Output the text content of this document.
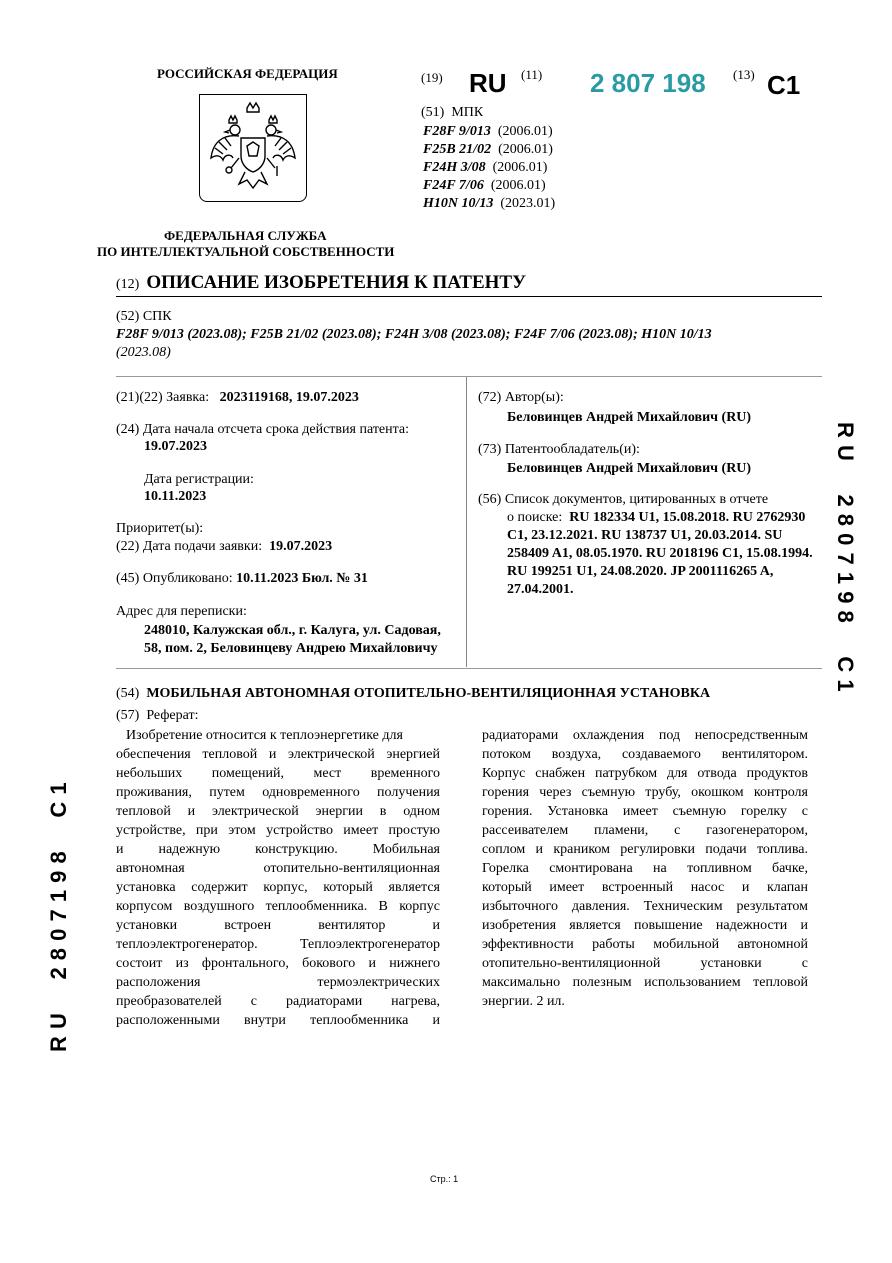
РОССИЙСКАЯ ФЕДЕРАЦИЯ
ФЕДЕРАЛЬНАЯ СЛУЖБА
ПО ИНТЕЛЛЕКТУАЛЬНОЙ СОБСТВЕННОСТИ
(19) RU (11) 2 807 198 (13) C1
(51) МПК
F28F 9/013 (2006.01)
F25B 21/02 (2006.01)
F24H 3/08 (2006.01)
F24F 7/06 (2006.01)
H10N 10/13 (2023.01)
(12) ОПИСАНИЕ ИЗОБРЕТЕНИЯ К ПАТЕНТУ
(52) СПК
F28F 9/013 (2023.08); F25B 21/02 (2023.08); F24H 3/08 (2023.08); F24F 7/06 (2023.08); H10N 10/13
(2023.08)
(21)(22) Заявка: 2023119168, 19.07.2023
(24) Дата начала отсчета срока действия патента:
19.07.2023
Дата регистрации:
10.11.2023
Приоритет(ы):
(22) Дата подачи заявки: 19.07.2023
(45) Опубликовано: 10.11.2023 Бюл. № 31
Адрес для переписки:
248010, Калужская обл., г. Калуга, ул. Садовая,
58, пом. 2, Беловинцеву Андрею Михайловичу
(72) Автор(ы):
Беловинцев Андрей Михайлович (RU)
(73) Патентообладатель(и):
Беловинцев Андрей Михайлович (RU)
(56) Список документов, цитированных в отчете
о поиске: RU 182334 U1, 15.08.2018. RU 2762930
C1, 23.12.2021. RU 138737 U1, 20.03.2014. SU
258409 A1, 08.05.1970. RU 2018196 C1, 15.08.1994.
RU 199251 U1, 24.08.2020. JP 2001116265 A,
27.04.2001.
(54) МОБИЛЬНАЯ АВТОНОМНАЯ ОТОПИТЕЛЬНО-ВЕНТИЛЯЦИОННАЯ УСТАНОВКА
(57) Реферат:
Изобретение относится к теплоэнергетике для
обеспечения тепловой и электрической энергией
небольших помещений, мест временного
проживания, путем одновременного получения
тепловой и электрической энергии в одном
устройстве, при этом устройство имеет простую
и надежную конструкцию. Мобильная
автономная отопительно-вентиляционная
установка содержит корпус, который является
корпусом воздушного теплообменника. В корпус
установки встроен вентилятор и
теплоэлектрогенератор. Теплоэлектрогенератор
состоит из фронтального, бокового и нижнего
расположения термоэлектрических
преобразователей с радиаторами нагрева,
расположенными внутри теплообменника и
радиаторами охлаждения под непосредственным
потоком воздуха, создаваемого вентилятором.
Корпус снабжен патрубком для отвода продуктов
горения через съемную трубу, окошком контроля
горения. Установка имеет съемную горелку с
рассеивателем пламени, с газогенератором,
соплом и краником регулировки подачи топлива.
Горелка смонтирована на топливном бачке,
который имеет встроенный насос и клапан
избыточного давления. Техническим результатом
изобретения является повышение надежности и
эффективности работы мобильной автономной
отопительно-вентиляционной установки с
максимально полезным использованием тепловой
энергии. 2 ил.
R U     2 8 0 7 1 9 8     C 1
R U     2 8 0 7 1 9 8     C 1
Стр.: 1
